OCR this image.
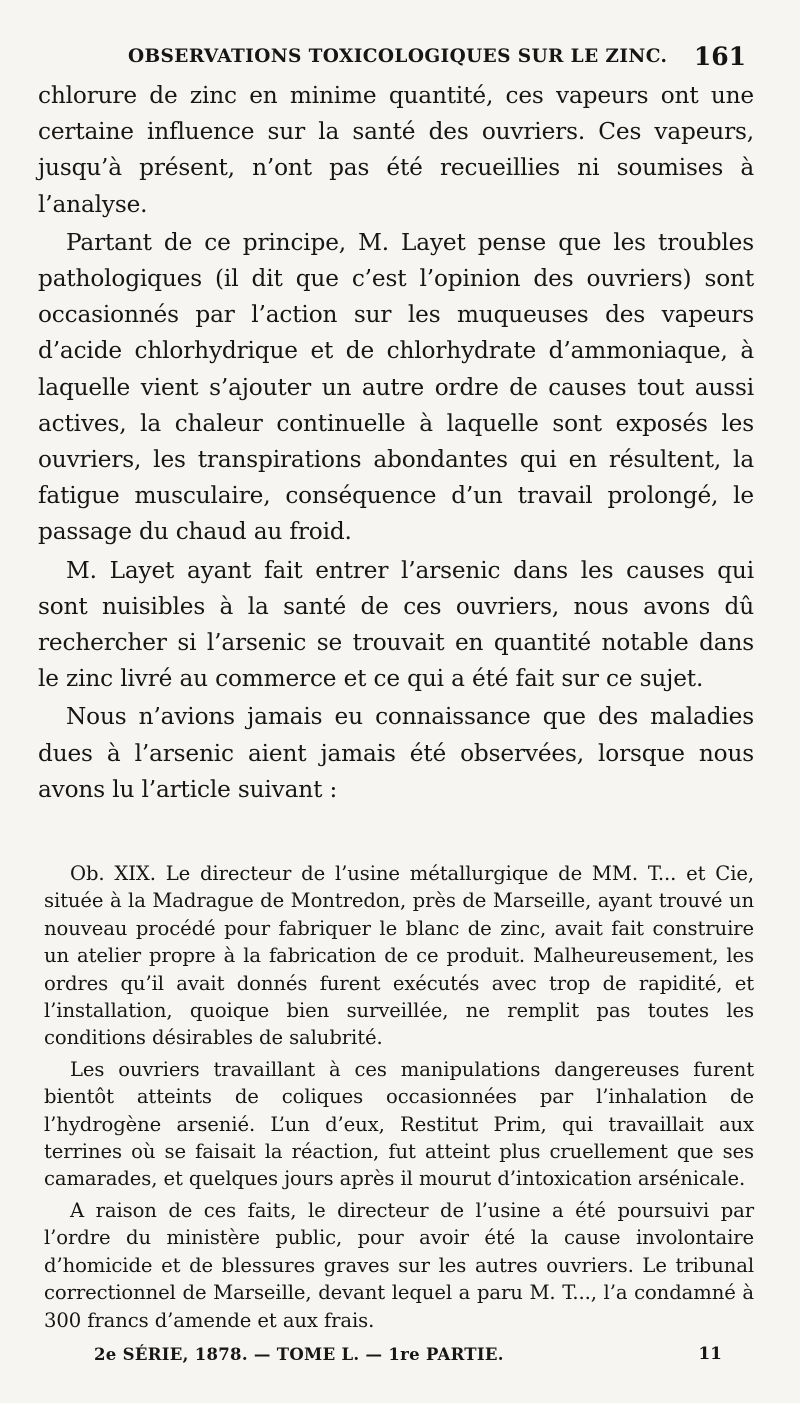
OBSERVATIONS TOXICOLOGIQUES SUR LE ZINC. 161

chlorure de zinc en minime quantité, ces vapeurs ont une certaine influence sur la santé des ouvriers. Ces vapeurs, jusqu’à présent, n’ont pas été recueillies ni soumises à l’analyse.

Partant de ce principe, M. Layet pense que les troubles pathologiques (il dit que c’est l’opinion des ouvriers) sont occasionnés par l’action sur les muqueuses des vapeurs d’acide chlorhydrique et de chlorhydrate d’ammoniaque, à laquelle vient s’ajouter un autre ordre de causes tout aussi actives, la chaleur continuelle à laquelle sont exposés les ouvriers, les transpirations abondantes qui en résultent, la fatigue musculaire, conséquence d’un travail prolongé, le passage du chaud au froid.

M. Layet ayant fait entrer l’arsenic dans les causes qui sont nuisibles à la santé de ces ouvriers, nous avons dû rechercher si l’arsenic se trouvait en quantité notable dans le zinc livré au commerce et ce qui a été fait sur ce sujet.

Nous n’avions jamais eu connaissance que des maladies dues à l’arsenic aient jamais été observées, lorsque nous avons lu l’article suivant :

Ob. XIX. Le directeur de l’usine métallurgique de MM. T... et Cie, située à la Madrague de Montredon, près de Marseille, ayant trouvé un nouveau procédé pour fabriquer le blanc de zinc, avait fait construire un atelier propre à la fabrication de ce produit. Malheureusement, les ordres qu’il avait donnés furent exécutés avec trop de rapidité, et l’installation, quoique bien surveillée, ne remplit pas toutes les conditions désirables de salubrité.

Les ouvriers travaillant à ces manipulations dangereuses furent bientôt atteints de coliques occasionnées par l’inhalation de l’hydrogène arsenié. L’un d’eux, Restitut Prim, qui travaillait aux terrines où se faisait la réaction, fut atteint plus cruellement que ses camarades, et quelques jours après il mourut d’intoxication arsénicale.

A raison de ces faits, le directeur de l’usine a été poursuivi par l’ordre du ministère public, pour avoir été la cause involontaire d’homicide et de blessures graves sur les autres ouvriers. Le tribunal correctionnel de Marseille, devant lequel a paru M. T..., l’a condamné à 300 francs d’amende et aux frais.

2e SÉRIE, 1878. — TOME L. — 1re PARTIE.	11
